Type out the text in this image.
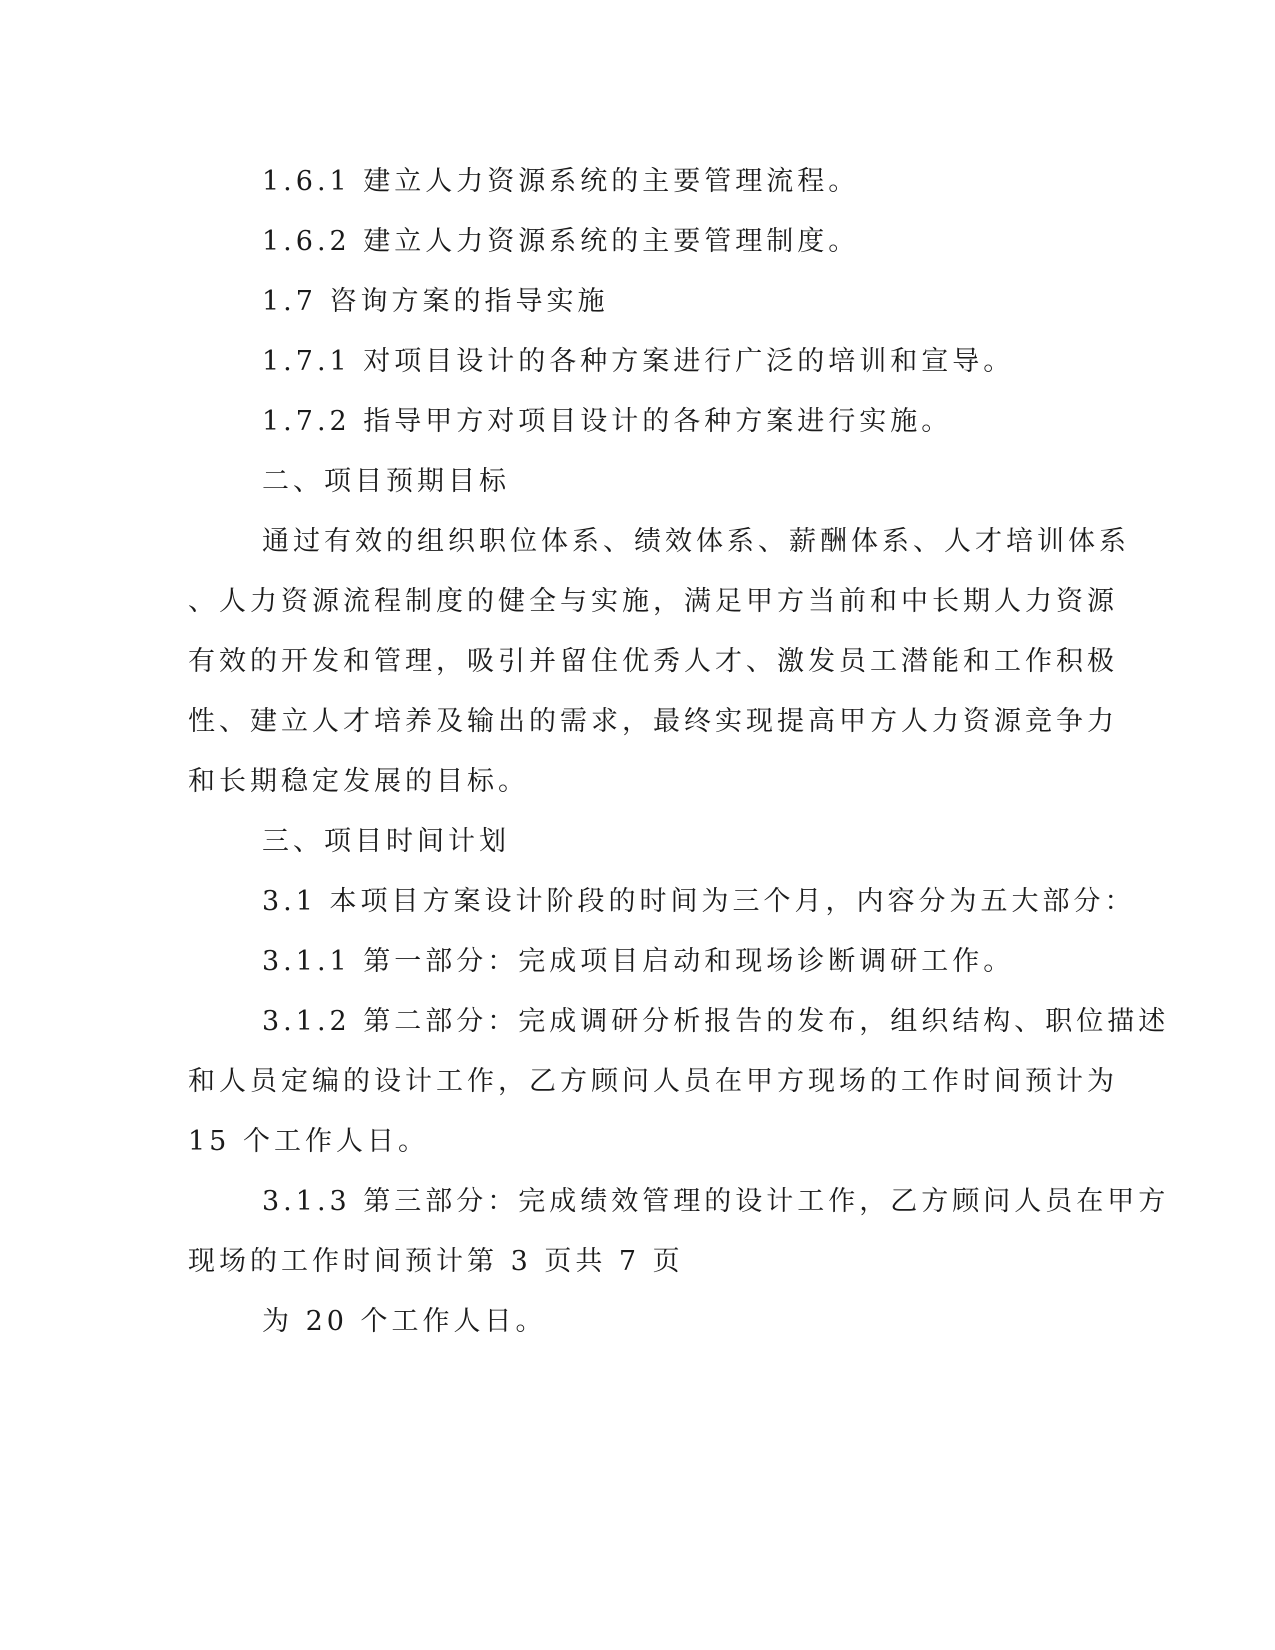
1.6.1 建立人力资源系统的主要管理流程。
1.6.2 建立人力资源系统的主要管理制度。
1.7 咨询方案的指导实施
1.7.1 对项目设计的各种方案进行广泛的培训和宣导。
1.7.2 指导甲方对项目设计的各种方案进行实施。
二、项目预期目标
通过有效的组织职位体系、绩效体系、薪酬体系、人才培训体系
、人力资源流程制度的健全与实施，满足甲方当前和中长期人力资源
有效的开发和管理，吸引并留住优秀人才、激发员工潜能和工作积极
性、建立人才培养及输出的需求，最终实现提高甲方人力资源竞争力
和长期稳定发展的目标。
三、项目时间计划
3.1 本项目方案设计阶段的时间为三个月，内容分为五大部分：
3.1.1 第一部分：完成项目启动和现场诊断调研工作。
3.1.2 第二部分：完成调研分析报告的发布，组织结构、职位描述
和人员定编的设计工作，乙方顾问人员在甲方现场的工作时间预计为
15 个工作人日。
3.1.3 第三部分：完成绩效管理的设计工作，乙方顾问人员在甲方
现场的工作时间预计第 3 页共 7 页
为 20 个工作人日。
